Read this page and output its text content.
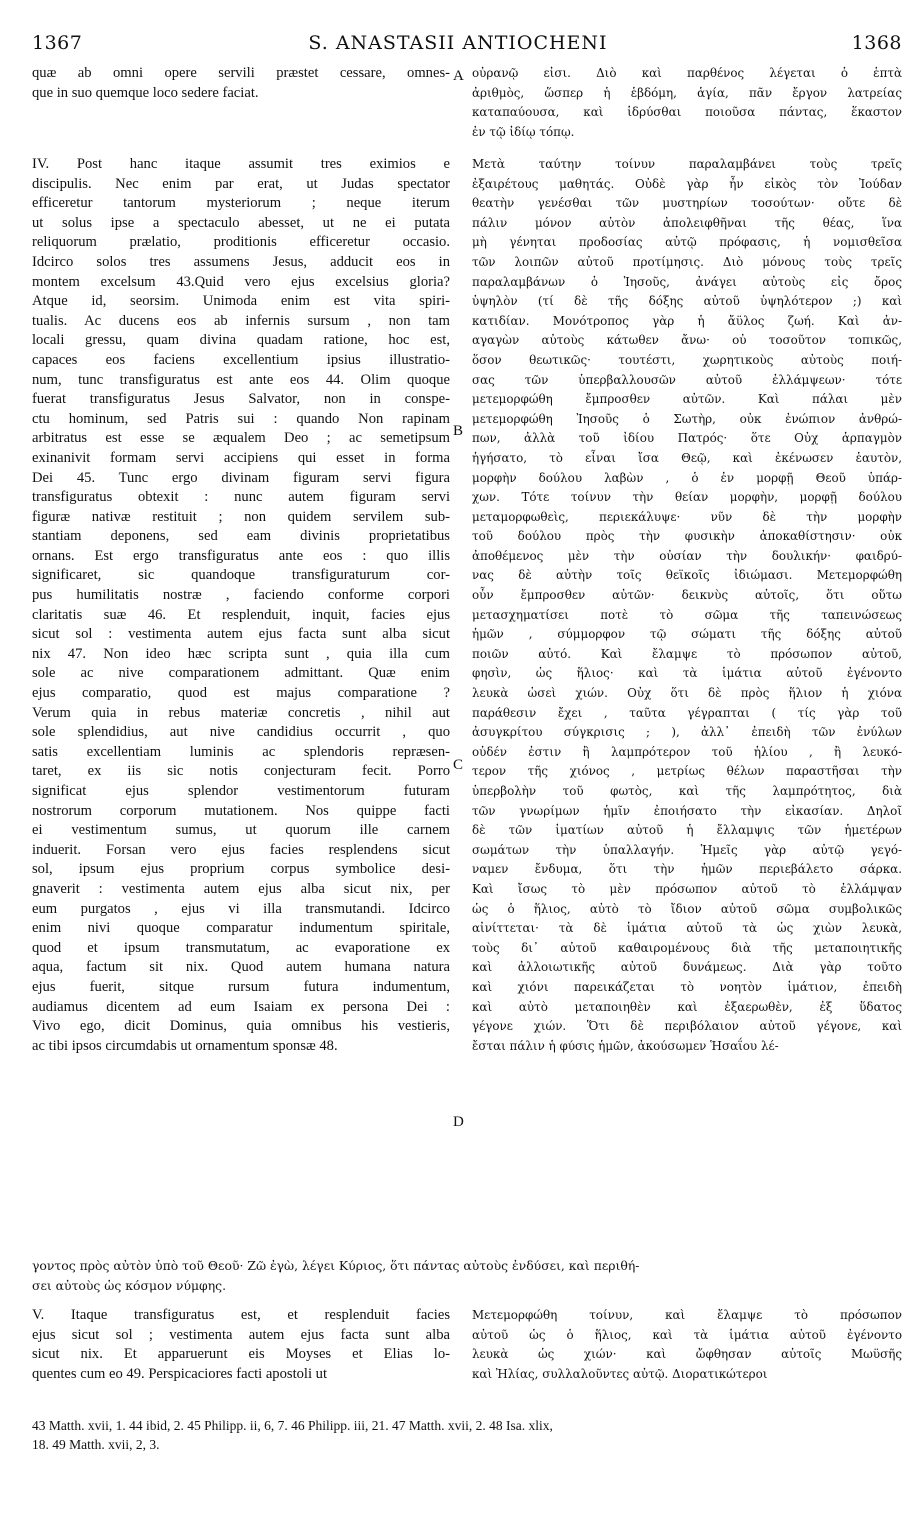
1367	S. ANASTASII ANTIOCHENI	1368
A
B
C
D
quæ ab omni opere servili præstet cessare, omnes-
que in suo quemque loco sedere faciat.
IV. Post hanc itaque assumit tres eximios e
discipulis. Nec enim par erat, ut Judas spectator
efficeretur tantorum mysteriorum ; neque iterum
ut solus ipse a spectaculo abesset, ut ne ei putata
reliquorum prælatio, proditionis efficeretur occasio.
Idcirco solos tres assumens Jesus, adducit eos in
montem excelsum 43.Quid vero ejus excelsius gloria?
Atque id, seorsim. Unimoda enim est vita spiri-
tualis. Ac ducens eos ab infernis sursum , non tam
locali gressu, quam divina quadam ratione, hoc est,
capaces eos faciens excellentium ipsius illustratio-
num, tunc transfiguratus est ante eos 44. Olim quoque
fuerat transfiguratus Jesus Salvator, non in conspe-
ctu hominum, sed Patris sui : quando Non rapinam
arbitratus est esse se æqualem Deo ; ac semetipsum
exinanivit formam servi accipiens qui esset in forma
Dei 45. Tunc ergo divinam figuram servi figura
transfiguratus obtexit : nunc autem figuram servi
figuræ nativæ restituit ; non quidem servilem sub-
stantiam deponens, sed eam divinis proprietatibus
ornans. Est ergo transfiguratus ante eos : quo illis
significaret, sic quandoque transfiguraturum cor-
pus humilitatis nostræ , faciendo conforme corpori
claritatis suæ 46. Et resplenduit, inquit, facies ejus
sicut sol : vestimenta autem ejus facta sunt alba sicut
nix 47. Non ideo hæc scripta sunt , quia illa cum
sole ac nive comparationem admittant. Quæ enim
ejus comparatio, quod est majus comparatione ?
Verum quia in rebus materiæ concretis , nihil aut
sole splendidius, aut nive candidius occurrit , quo
satis excellentiam luminis ac splendoris repræsen-
taret, ex iis sic notis conjecturam fecit. Porro
significat ejus splendor vestimentorum futuram
nostrorum corporum mutationem. Nos quippe facti
ei vestimentum sumus, ut quorum ille carnem
induerit. Forsan vero ejus facies resplendens sicut
sol, ipsum ejus proprium corpus symbolice desi-
gnaverit : vestimenta autem ejus alba sicut nix, per
eum purgatos , ejus vi illa transmutandi. Idcirco
enim nivi quoque comparatur indumentum spiritale,
quod et ipsum transmutatum, ac evaporatione ex
aqua, factum sit nix. Quod autem humana natura
ejus fuerit, sitque rursum futura indumentum,
audiamus dicentem ad eum Isaiam ex persona Dei :
Vivo ego, dicit Dominus, quia omnibus his vestieris,
ac tibi ipsos circumdabis ut ornamentum sponsæ 48.
οὐρανῷ εἰσι. Διὸ καὶ παρθένος λέγεται ὁ ἑπτὰ
ἀριθμὸς, ὥσπερ ἡ ἑβδόμη, ἁγία, πᾶν ἔργον λατρείας
καταπαύουσα, καὶ ἱδρύσθαι ποιοῦσα πάντας, ἕκαστον
ἐν τῷ ἰδίῳ τόπῳ.
Μετὰ ταύτην τοίνυν παραλαμβάνει τοὺς τρεῖς
ἐξαιρέτους μαθητάς. Οὐδὲ γὰρ ἦν εἰκὸς τὸν Ἰούδαν
θεατὴν γενέσθαι τῶν μυστηρίων τοσούτων· οὔτε δὲ
πάλιν μόνον αὐτὸν ἀπολειφθῆναι τῆς θέας, ἵνα
μὴ γένηται προδοσίας αὐτῷ πρόφασις, ἡ νομισθεῖσα
τῶν λοιπῶν αὐτοῦ προτίμησις. Διὸ μόνους τοὺς τρεῖς
παραλαμβάνων ὁ Ἰησοῦς, ἀνάγει αὐτοὺς εἰς ὄρος
ὑψηλὸν (τί δὲ τῆς δόξης αὐτοῦ ὑψηλότερον ;) καὶ
κατιδίαν. Μονότροπος γὰρ ἡ ἄϋλος ζωή. Καὶ ἀν-
αγαγὼν αὐτοὺς κάτωθεν ἄνω· οὐ τοσοῦτον τοπικῶς,
ὅσον θεωτικῶς· τουτέστι, χωρητικοὺς αὐτοὺς ποιή-
σας τῶν ὑπερβαλλουσῶν αὐτοῦ ἐλλάμψεων· τότε
μετεμορφώθη ἔμπροσθεν αὐτῶν. Καὶ πάλαι μὲν
μετεμορφώθη Ἰησοῦς ὁ Σωτὴρ, οὐκ ἐνώπιον ἀνθρώ-
πων, ἀλλὰ τοῦ ἰδίου Πατρός· ὅτε Οὐχ ἁρπαγμὸν
ἡγήσατο, τὸ εἶναι ἴσα Θεῷ, καὶ ἐκένωσεν ἑαυτὸν,
μορφὴν δούλου λαβὼν , ὁ ἐν μορφῇ Θεοῦ ὑπάρ-
χων. Τότε τοίνυν τὴν θείαν μορφὴν, μορφῇ δούλου
μεταμορφωθεὶς, περιεκάλυψε· νῦν δὲ τὴν μορφὴν
τοῦ δούλου πρὸς τὴν φυσικὴν ἀποκαθίστησιν· οὐκ
ἀποθέμενος μὲν τὴν οὐσίαν τὴν δουλικήν· φαιδρύ-
νας δὲ αὐτὴν τοῖς θεϊκοῖς ἰδιώμασι. Μετεμορφώθη
οὖν ἔμπροσθεν αὐτῶν· δεικνὺς αὐτοῖς, ὅτι οὕτω
μετασχηματίσει ποτὲ τὸ σῶμα τῆς ταπεινώσεως
ἡμῶν , σύμμορφον τῷ σώματι τῆς δόξης αὐτοῦ
ποιῶν αὐτό. Καὶ ἔλαμψε τὸ πρόσωπον αὐτοῦ,
φησὶν, ὡς ἥλιος· καὶ τὰ ἱμάτια αὐτοῦ ἐγένοντο
λευκὰ ὡσεὶ χιών. Οὐχ ὅτι δὲ πρὸς ἥλιον ἡ χιόνα
παράθεσιν ἔχει , ταῦτα γέγραπται ( τίς γὰρ τοῦ
ἀσυγκρίτου σύγκρισις ; ), ἀλλ᾽ ἐπειδὴ τῶν ἐνύλων
οὐδέν ἐστιν ἢ λαμπρότερον τοῦ ἡλίου , ἢ λευκό-
τερον τῆς χιόνος , μετρίως θέλων παραστῆσαι τὴν
ὑπερβολὴν τοῦ φωτὸς, καὶ τῆς λαμπρότητος, διὰ
τῶν γνωρίμων ἡμῖν ἐποιήσατο τὴν εἰκασίαν. Δηλοῖ
δὲ τῶν ἱματίων αὐτοῦ ἡ ἔλλαμψις τῶν ἡμετέρων
σωμάτων τὴν ὑπαλλαγήν. Ἡμεῖς γὰρ αὐτῷ γεγό-
ναμεν ἔνδυμα, ὅτι τὴν ἡμῶν περιεβάλετο σάρκα.
Καὶ ἴσως τὸ μὲν πρόσωπον αὐτοῦ τὸ ἐλλάμψαν
ὡς ὁ ἥλιος, αὐτὸ τὸ ἴδιον αὐτοῦ σῶμα συμβολικῶς
αἰνίττεται· τὰ δὲ ἱμάτια αὐτοῦ τὰ ὡς χιὼν λευκὰ,
τοὺς δι᾽ αὐτοῦ καθαιρομένους διὰ τῆς μεταποιητικῆς
καὶ ἀλλοιωτικῆς αὐτοῦ δυνάμεως. Διὰ γὰρ τοῦτο
καὶ χιόνι παρεικάζεται τὸ νοητὸν ἱμάτιον, ἐπειδὴ
καὶ αὐτὸ μεταποιηθὲν καὶ ἐξαερωθὲν, ἐξ ὕδατος
γέγονε χιών. Ὅτι δὲ περιβόλαιον αὐτοῦ γέγονε, καὶ
ἔσται πάλιν ἡ φύσις ἡμῶν, ἀκούσωμεν Ἡσαΐου λέ-
γοντος πρὸς αὐτὸν ὑπὸ τοῦ Θεοῦ· Ζῶ ἐγὼ, λέγει Κύριος, ὅτι πάντας αὐτοὺς ἐνδύσει, καὶ περιθή-
σει αὐτοὺς ὡς κόσμον νύμφης.
V. Itaque transfiguratus est, et resplenduit facies
ejus sicut sol ; vestimenta autem ejus facta sunt alba
sicut nix. Et apparuerunt eis Moyses et Elias lo-
quentes cum eo 49. Perspicaciores facti apostoli ut
Μετεμορφώθη τοίνυν, καὶ ἔλαμψε τὸ πρόσωπον
αὐτοῦ ὡς ὁ ἥλιος, καὶ τὰ ἱμάτια αὐτοῦ ἐγένοντο
λευκὰ ὡς χιών· καὶ ὤφθησαν αὐτοῖς Μωϋσῆς
καὶ Ἠλίας, συλλαλοῦντες αὐτῷ. Διορατικώτεροι
43 Matth. xvii, 1. 44 ibid, 2. 45 Philipp. ii, 6, 7. 46 Philipp. iii, 21. 47 Matth. xvii, 2. 48 Isa. xlix,
18. 49 Matth. xvii, 2, 3.
